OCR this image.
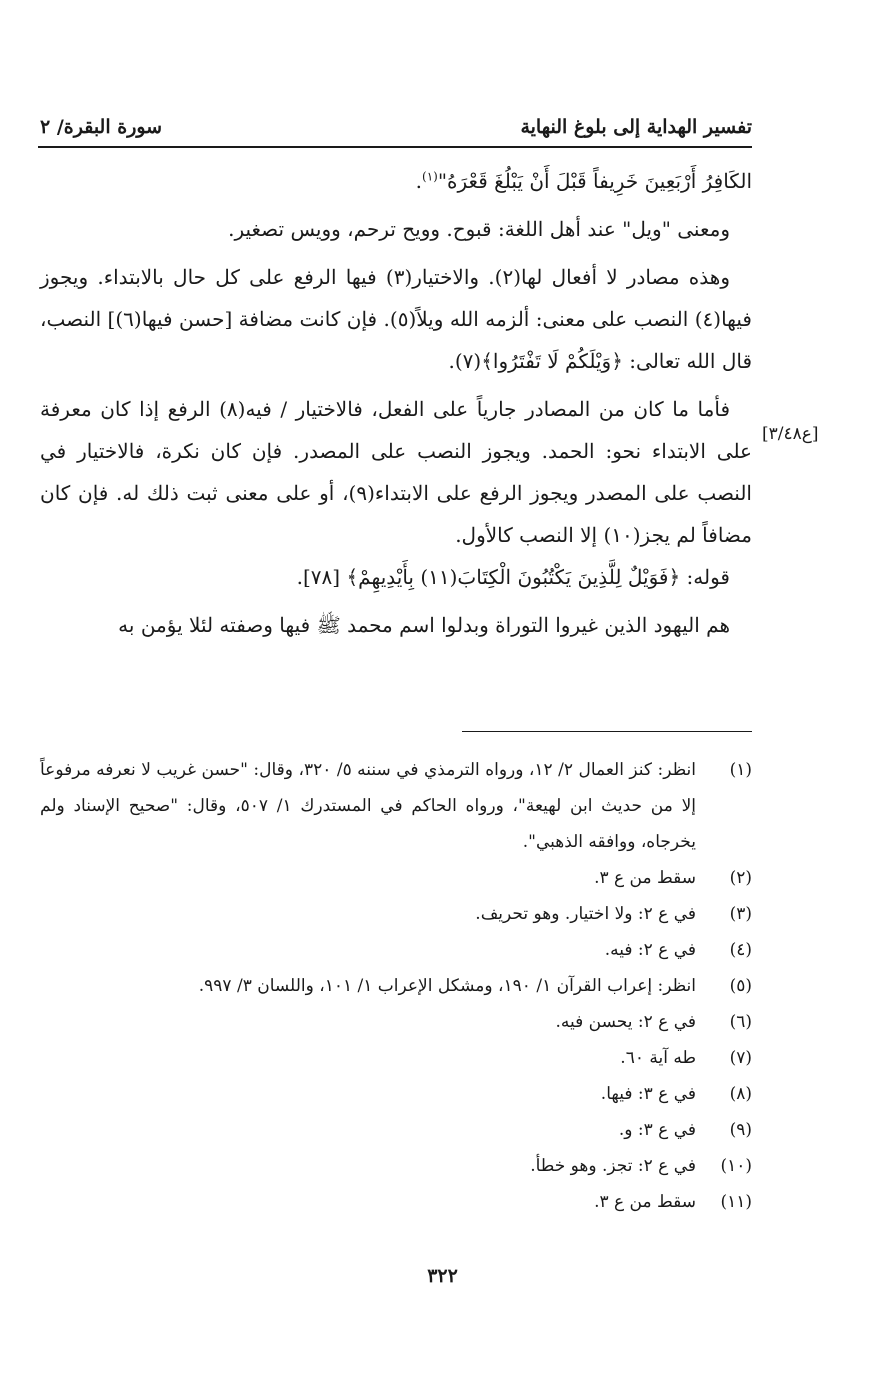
تفسير الهداية إلى بلوغ النهاية
سورة البقرة/ ٢
[ع٣/٤٨]

الكَافِرُ أَرْبَعِينَ خَرِيفاً قَبْلَ أَنْ يَبْلُغَ قَعْرَهُ"$^{(١)}$.

ومعنى "ويل" عند أهل اللغة: قبوح. وويح ترحم، وويس تصغير.

وهذه مصادر لا أفعال لها(٢). والاختيار(٣) فيها الرفع على كل حال بالابتداء. ويجوز فيها(٤) النصب على معنى: ألزمه الله ويلاً(٥). فإن كانت مضافة [حسن فيها(٦)] النصب، قال الله تعالى: ﴿وَيْلَكُمْ لَا تَفْتَرُوا﴾(٧).

فأما ما كان من المصادر جارياً على الفعل، فالاختيار / فيه(٨) الرفع إذا كان معرفة على الابتداء نحو: الحمد. ويجوز النصب على المصدر. فإن كان نكرة، فالاختيار في النصب على المصدر ويجوز الرفع على الابتداء(٩)، أو على معنى ثبت ذلك له. فإن كان مضافاً لم يجز(١٠) إلا النصب كالأول.

قوله: ﴿فَوَيْلٌ لِلَّذِينَ يَكْتُبُونَ الْكِتَابَ(١١) بِأَيْدِيهِمْ﴾ [٧٨].

هم اليهود الذين غيروا التوراة وبدلوا اسم محمد ﷺ فيها وصفته لئلا يؤمن به

(١)
انظر: كنز العمال ٢/ ١٢، ورواه الترمذي في سننه ٥/ ٣٢٠، وقال: "حسن غريب لا نعرفه مرفوعاً إلا من حديث ابن لهيعة"، ورواه الحاكم في المستدرك ١/ ٥٠٧، وقال: "صحيح الإسناد ولم يخرجاه، ووافقه الذهبي".
(٢)
سقط من ع ٣.
(٣)
في ع ٢: ولا اختيار. وهو تحريف.
(٤)
في ع ٢: فيه.
(٥)
انظر: إعراب القرآن ١/ ١٩٠، ومشكل الإعراب ١/ ١٠١، واللسان ٣/ ٩٩٧.
(٦)
في ع ٢: يحسن فيه.
(٧)
طه آية ٦٠.
(٨)
في ع ٣: فيها.
(٩)
في ع ٣: و.
(١٠)
في ع ٢: تجز. وهو خطأ.
(١١)
سقط من ع ٣.
٣٢٢
